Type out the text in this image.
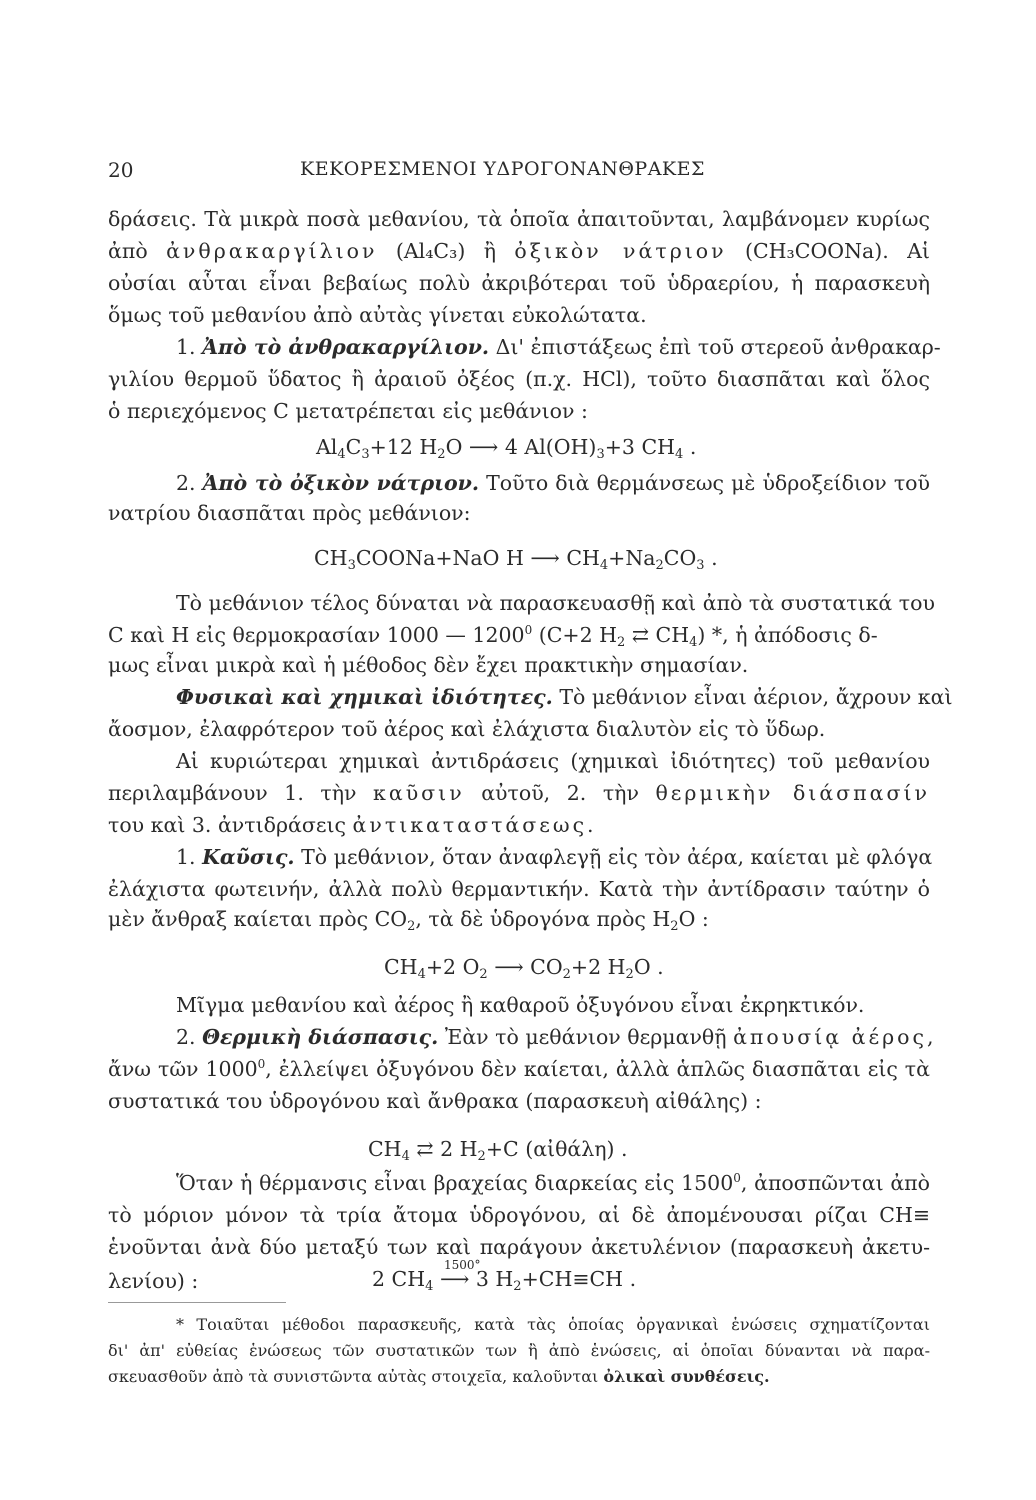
20	ΚΕΚΟΡΕΣΜΕΝΟΙ ΥΔΡΟΓΟΝΑΝΘΡΑΚΕΣ
δράσεις. Τὰ μικρὰ ποσὰ μεθανίου, τὰ ὁποῖα ἀπαιτοῦνται, λαμβάνομεν κυρίως
ἀπὸ ἀνθρακαργίλιον (Al₄C₃) ἢ ὀξικὸν νάτριον (CH₃COONa). Αἱ
οὐσίαι αὗται εἶναι βεβαίως πολὺ ἀκριβότεραι τοῦ ὑδραερίου, ἡ παρασκευὴ
ὅμως τοῦ μεθανίου ἀπὸ αὐτὰς γίνεται εὐκολώτατα.
1. Ἀπὸ τὸ ἀνθρακαργίλιον. Δι' ἐπιστάξεως ἐπὶ τοῦ στερεοῦ ἀνθρακαρ-
γιλίου θερμοῦ ὕδατος ἢ ἀραιοῦ ὀξέος (π.χ. HCl), τοῦτο διασπᾶται καὶ ὅλος
ὁ περιεχόμενος C μετατρέπεται εἰς μεθάνιον :
$Al_4C_3+12$ $H_2O$ ⟶ 4 $Al(OH)_3+3$ $CH_4$ .
2. Ἀπὸ τὸ ὀξικὸν νάτριον. Τοῦτο διὰ θερμάνσεως μὲ ὑδροξείδιον τοῦ
νατρίου διασπᾶται πρὸς μεθάνιον:
$CH_3COONa+NaO$ H ⟶ $CH_4+Na_2CO_3$ .
Τὸ μεθάνιον τέλος δύναται νὰ παρασκευασθῇ καὶ ἀπὸ τὰ συστατικά του
C καὶ H εἰς θερμοκρασίαν 1000 — 1200$^0$ (C+2 $H_2$ ⇄ $CH_4$) *, ἡ ἀπόδοσις δ-
μως εἶναι μικρὰ καὶ ἡ μέθοδος δὲν ἔχει πρακτικὴν σημασίαν.
Φυσικαὶ καὶ χημικαὶ ἰδιότητες. Τὸ μεθάνιον εἶναι ἀέριον, ἄχρουν καὶ
ἄοσμον, ἐλαφρότερον τοῦ ἀέρος καὶ ἐλάχιστα διαλυτὸν εἰς τὸ ὕδωρ.
Αἱ κυριώτεραι χημικαὶ ἀντιδράσεις (χημικαὶ ἰδιότητες) τοῦ μεθανίου
περιλαμβάνουν 1. τὴν καῦσιν αὐτοῦ, 2. τὴν θερμικὴν διάσπασίν
του καὶ 3. ἀντιδράσεις ἀντικαταστάσεως.
1. Καῦσις. Τὸ μεθάνιον, ὅταν ἀναφλεγῇ εἰς τὸν ἀέρα, καίεται μὲ φλόγα
ἐλάχιστα φωτεινήν, ἀλλὰ πολὺ θερμαντικήν. Κατὰ τὴν ἀντίδρασιν ταύτην ὁ
μὲν ἄνθραξ καίεται πρὸς $CO_2$, τὰ δὲ ὑδρογόνα πρὸς $H_2O$ :
$CH_4+2$ $O_2$ ⟶ $CO_2+2$ $H_2O$ .
Μῖγμα μεθανίου καὶ ἀέρος ἢ καθαροῦ ὀξυγόνου εἶναι ἐκρηκτικόν.
2. Θερμικὴ διάσπασις. Ἐὰν τὸ μεθάνιον θερμανθῇ ἀπουσίᾳ ἀέρος,
ἄνω τῶν 1000$^0$, ἐλλείψει ὀξυγόνου δὲν καίεται, ἀλλὰ ἁπλῶς διασπᾶται εἰς τὰ
συστατικά του ὑδρογόνου καὶ ἄνθρακα (παρασκευὴ αἰθάλης) :
$CH_4$ ⇄ 2 $H_2+C$ (αἰθάλη) .
Ὅταν ἡ θέρμανσις εἶναι βραχείας διαρκείας εἰς 1500$^0$, ἀποσπῶνται ἀπὸ
τὸ μόριον μόνον τὰ τρία ἄτομα ὑδρογόνου, αἱ δὲ ἀπομένουσαι ρίζαι CH≡
ἑνοῦνται ἀνὰ δύο μεταξύ των καὶ παράγουν ἀκετυλένιον (παρασκευὴ ἀκετυ-
λενίου) :	2 $CH_4$
1500°
⟶ 3 $H_2+CH\equiv CH$ .
* Τοιαῦται μέθοδοι παρασκευῆς, κατὰ τὰς ὁποίας ὀργανικαὶ ἑνώσεις σχηματίζονται
δι' ἀπ' εὐθείας ἑνώσεως τῶν συστατικῶν των ἢ ἀπὸ ἑνώσεις, αἱ ὁποῖαι δύνανται νὰ παρα-
σκευασθοῦν ἀπὸ τὰ συνιστῶντα αὐτὰς στοιχεῖα, καλοῦνται ὀλικαὶ συνθέσεις.
